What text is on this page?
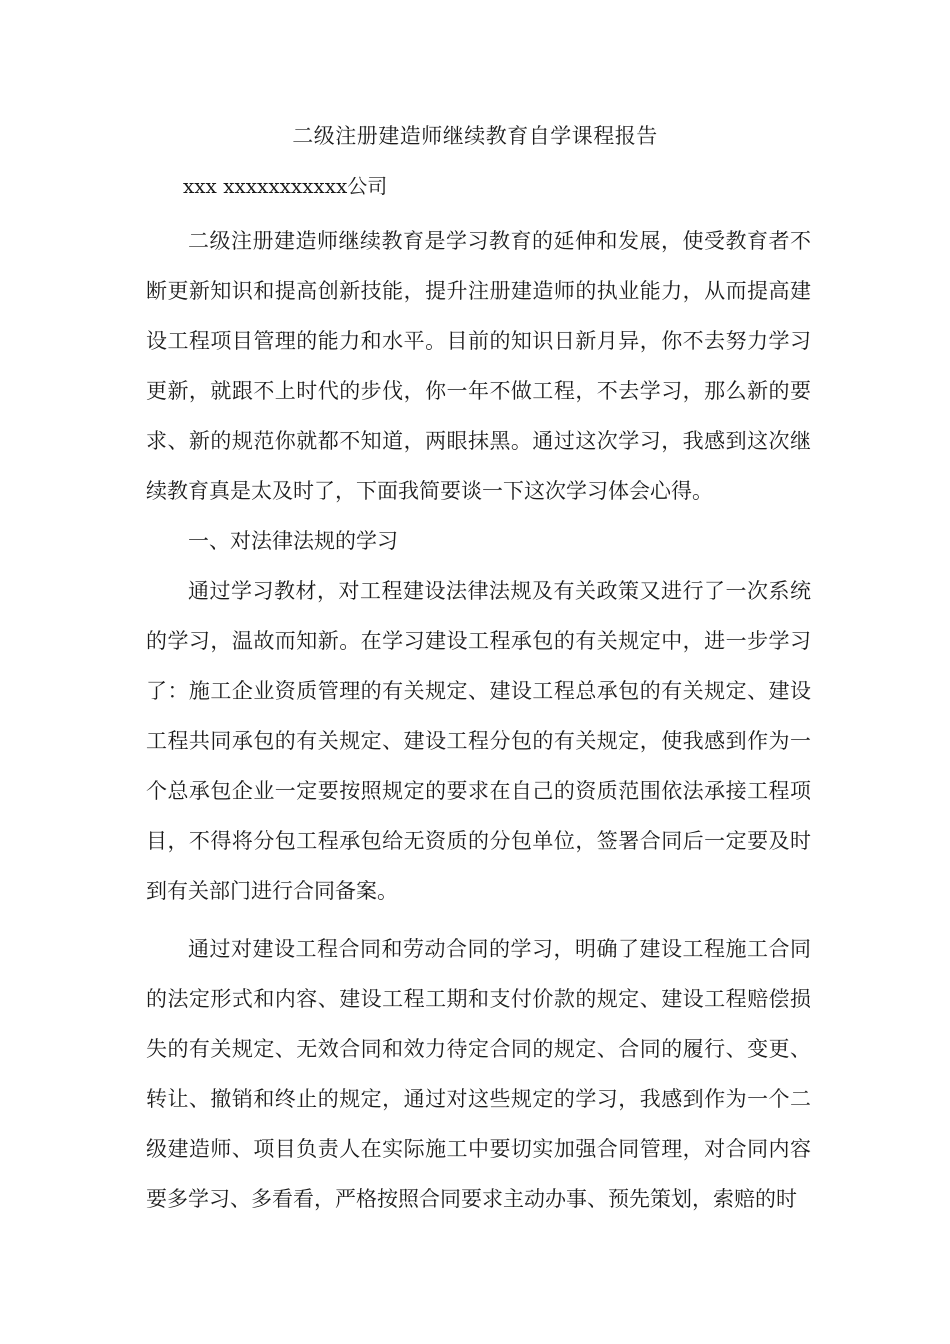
二级注册建造师继续教育自学课程报告
xxx xxxxxxxxxxx公司

二级注册建造师继续教育是学习教育的延伸和发展，使受教育者不断更新知识和提高创新技能，提升注册建造师的执业能力，从而提高建设工程项目管理的能力和水平。目前的知识日新月异，你不去努力学习更新，就跟不上时代的步伐，你一年不做工程，不去学习，那么新的要求、新的规范你就都不知道，两眼抹黑。通过这次学习，我感到这次继续教育真是太及时了，下面我简要谈一下这次学习体会心得。

一、对法律法规的学习

通过学习教材，对工程建设法律法规及有关政策又进行了一次系统的学习，温故而知新。在学习建设工程承包的有关规定中，进一步学习了：施工企业资质管理的有关规定、建设工程总承包的有关规定、建设工程共同承包的有关规定、建设工程分包的有关规定，使我感到作为一个总承包企业一定要按照规定的要求在自己的资质范围依法承接工程项目，不得将分包工程承包给无资质的分包单位，签署合同后一定要及时到有关部门进行合同备案。

通过对建设工程合同和劳动合同的学习，明确了建设工程施工合同的法定形式和内容、建设工程工期和支付价款的规定、建设工程赔偿损失的有关规定、无效合同和效力待定合同的规定、合同的履行、变更、转让、撤销和终止的规定，通过对这些规定的学习，我感到作为一个二级建造师、项目负责人在实际施工中要切实加强合同管理，对合同内容要多学习、多看看，严格按照合同要求主动办事、预先策划，索赔的时
